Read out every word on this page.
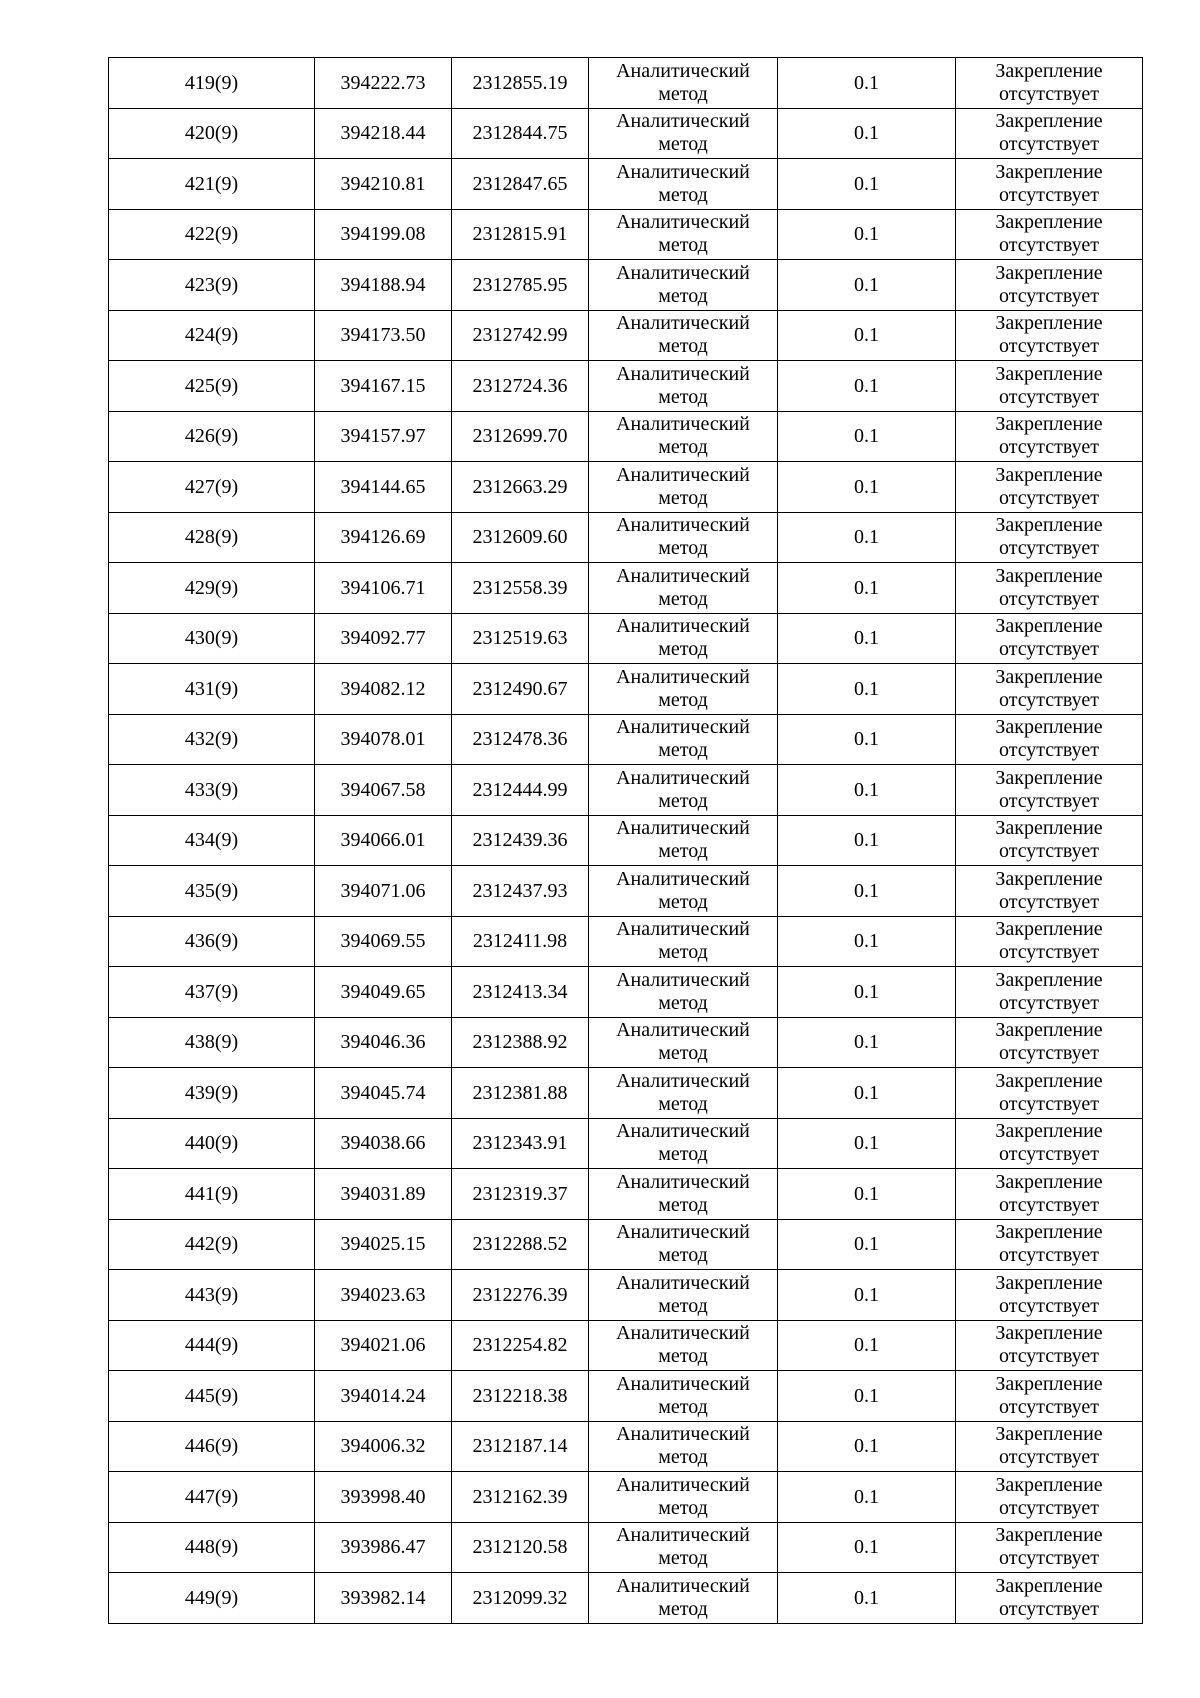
419(9)	394222.73	2312855.19	Аналитический
метод	0.1	Закрепление
отсутствует

420(9)	394218.44	2312844.75	Аналитический
метод	0.1	Закрепление
отсутствует

421(9)	394210.81	2312847.65	Аналитический
метод	0.1	Закрепление
отсутствует

422(9)	394199.08	2312815.91	Аналитический
метод	0.1	Закрепление
отсутствует

423(9)	394188.94	2312785.95	Аналитический
метод	0.1	Закрепление
отсутствует

424(9)	394173.50	2312742.99	Аналитический
метод	0.1	Закрепление
отсутствует

425(9)	394167.15	2312724.36	Аналитический
метод	0.1	Закрепление
отсутствует

426(9)	394157.97	2312699.70	Аналитический
метод	0.1	Закрепление
отсутствует

427(9)	394144.65	2312663.29	Аналитический
метод	0.1	Закрепление
отсутствует

428(9)	394126.69	2312609.60	Аналитический
метод	0.1	Закрепление
отсутствует

429(9)	394106.71	2312558.39	Аналитический
метод	0.1	Закрепление
отсутствует

430(9)	394092.77	2312519.63	Аналитический
метод	0.1	Закрепление
отсутствует

431(9)	394082.12	2312490.67	Аналитический
метод	0.1	Закрепление
отсутствует

432(9)	394078.01	2312478.36	Аналитический
метод	0.1	Закрепление
отсутствует

433(9)	394067.58	2312444.99	Аналитический
метод	0.1	Закрепление
отсутствует

434(9)	394066.01	2312439.36	Аналитический
метод	0.1	Закрепление
отсутствует

435(9)	394071.06	2312437.93	Аналитический
метод	0.1	Закрепление
отсутствует

436(9)	394069.55	2312411.98	Аналитический
метод	0.1	Закрепление
отсутствует

437(9)	394049.65	2312413.34	Аналитический
метод	0.1	Закрепление
отсутствует

438(9)	394046.36	2312388.92	Аналитический
метод	0.1	Закрепление
отсутствует

439(9)	394045.74	2312381.88	Аналитический
метод	0.1	Закрепление
отсутствует

440(9)	394038.66	2312343.91	Аналитический
метод	0.1	Закрепление
отсутствует

441(9)	394031.89	2312319.37	Аналитический
метод	0.1	Закрепление
отсутствует

442(9)	394025.15	2312288.52	Аналитический
метод	0.1	Закрепление
отсутствует

443(9)	394023.63	2312276.39	Аналитический
метод	0.1	Закрепление
отсутствует

444(9)	394021.06	2312254.82	Аналитический
метод	0.1	Закрепление
отсутствует

445(9)	394014.24	2312218.38	Аналитический
метод	0.1	Закрепление
отсутствует

446(9)	394006.32	2312187.14	Аналитический
метод	0.1	Закрепление
отсутствует

447(9)	393998.40	2312162.39	Аналитический
метод	0.1	Закрепление
отсутствует

448(9)	393986.47	2312120.58	Аналитический
метод	0.1	Закрепление
отсутствует

449(9)	393982.14	2312099.32	Аналитический
метод	0.1	Закрепление
отсутствует
